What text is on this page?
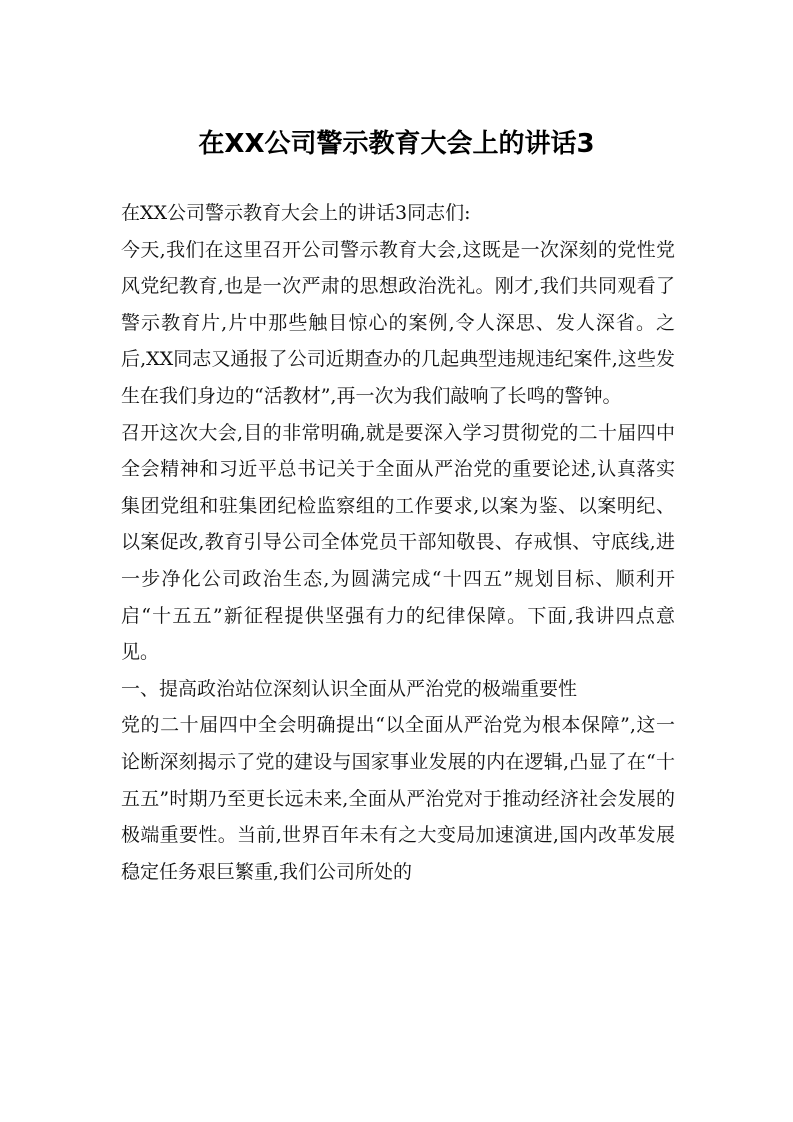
在XX公司警示教育大会上的讲话3

在XX公司警示教育大会上的讲话3同志们:

今天,我们在这里召开公司警示教育大会,这既是一次深刻的党性党风党纪教育,也是一次严肃的思想政治洗礼。刚才,我们共同观看了警示教育片,片中那些触目惊心的案例,令人深思、发人深省。之后,XX同志又通报了公司近期查办的几起典型违规违纪案件,这些发生在我们身边的“活教材”,再一次为我们敲响了长鸣的警钟。

召开这次大会,目的非常明确,就是要深入学习贯彻党的二十届四中全会精神和习近平总书记关于全面从严治党的重要论述,认真落实集团党组和驻集团纪检监察组的工作要求,以案为鉴、以案明纪、以案促改,教育引导公司全体党员干部知敬畏、存戒惧、守底线,进一步净化公司政治生态,为圆满完成“十四五”规划目标、顺利开启“十五五”新征程提供坚强有力的纪律保障。下面,我讲四点意见。

一、提高政治站位深刻认识全面从严治党的极端重要性

党的二十届四中全会明确提出“以全面从严治党为根本保障”,这一论断深刻揭示了党的建设与国家事业发展的内在逻辑,凸显了在“十五五”时期乃至更长远未来,全面从严治党对于推动经济社会发展的极端重要性。当前,世界百年未有之大变局加速演进,国内改革发展稳定任务艰巨繁重,我们公司所处的
